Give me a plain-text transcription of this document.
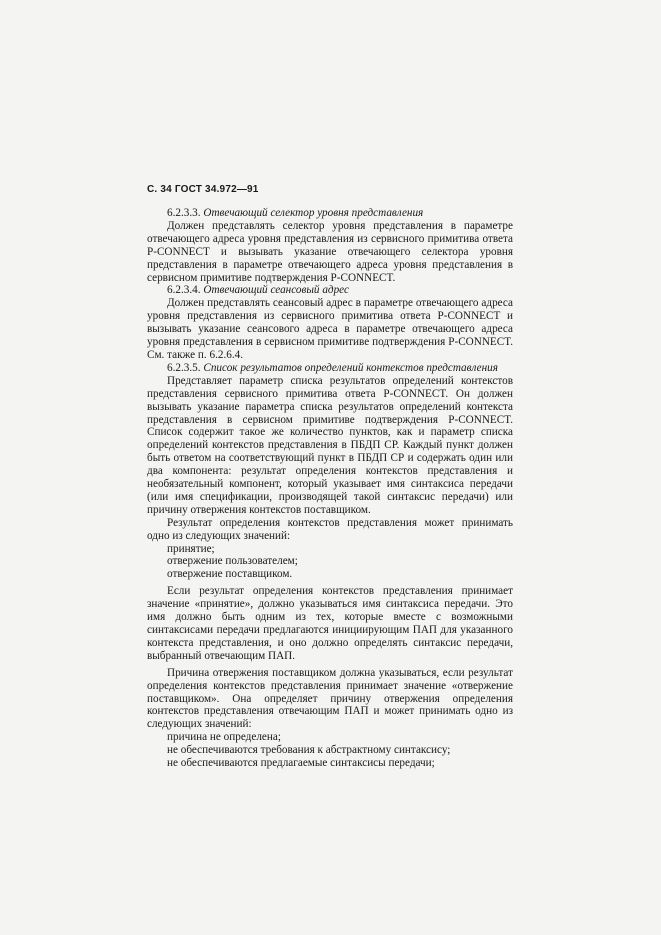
С. 34 ГОСТ 34.972—91

6.2.3.3. Отвечающий селектор уровня представления

Должен представлять селектор уровня представления в параметре отвечающего адреса уровня представления из сервисного примитива ответа P-CONNECT и вызывать указание отвечающего селектора уровня представления в параметре отвечающего адреса уровня представления в сервисном примитиве подтверждения P-CONNECT.

6.2.3.4. Отвечающий сеансовый адрес

Должен представлять сеансовый адрес в параметре отвечающего адреса уровня представления из сервисного примитива ответа P-CONNECT и вызывать указание сеансового адреса в параметре отвечающего адреса уровня представления в сервисном примитиве подтверждения P-CONNECT. См. также п. 6.2.6.4.

6.2.3.5. Список результатов определений контекстов представления

Представляет параметр списка результатов определений контекстов представления сервисного примитива ответа P-CONNECT. Он должен вызывать указание параметра списка результатов определений контекста представления в сервисном примитиве подтверждения P-CONNECT. Список содержит такое же количество пунктов, как и параметр списка определений контекстов представления в ПБДП СР. Каждый пункт должен быть ответом на соответствующий пункт в ПБДП СР и содержать один или два компонента: результат определения контекстов представления и необязательный компонент, который указывает имя синтаксиса передачи (или имя спецификации, производящей такой синтаксис передачи) или причину отвержения контекстов поставщиком.

Результат определения контекстов представления может принимать одно из следующих значений:

принятие;

отвержение пользователем;

отвержение поставщиком.

Если результат определения контекстов представления принимает значение «принятие», должно указываться имя синтаксиса передачи. Это имя должно быть одним из тех, которые вместе с возможными синтаксисами передачи предлагаются инициирующим ПАП для указанного контекста представления, и оно должно определять синтаксис передачи, выбранный отвечающим ПАП.

Причина отвержения поставщиком должна указываться, если результат определения контекстов представления принимает значение «отвержение поставщиком». Она определяет причину отвержения определения контекстов представления отвечающим ПАП и может принимать одно из следующих значений:

причина не определена;

не обеспечиваются требования к абстрактному синтаксису;

не обеспечиваются предлагаемые синтаксисы передачи;
